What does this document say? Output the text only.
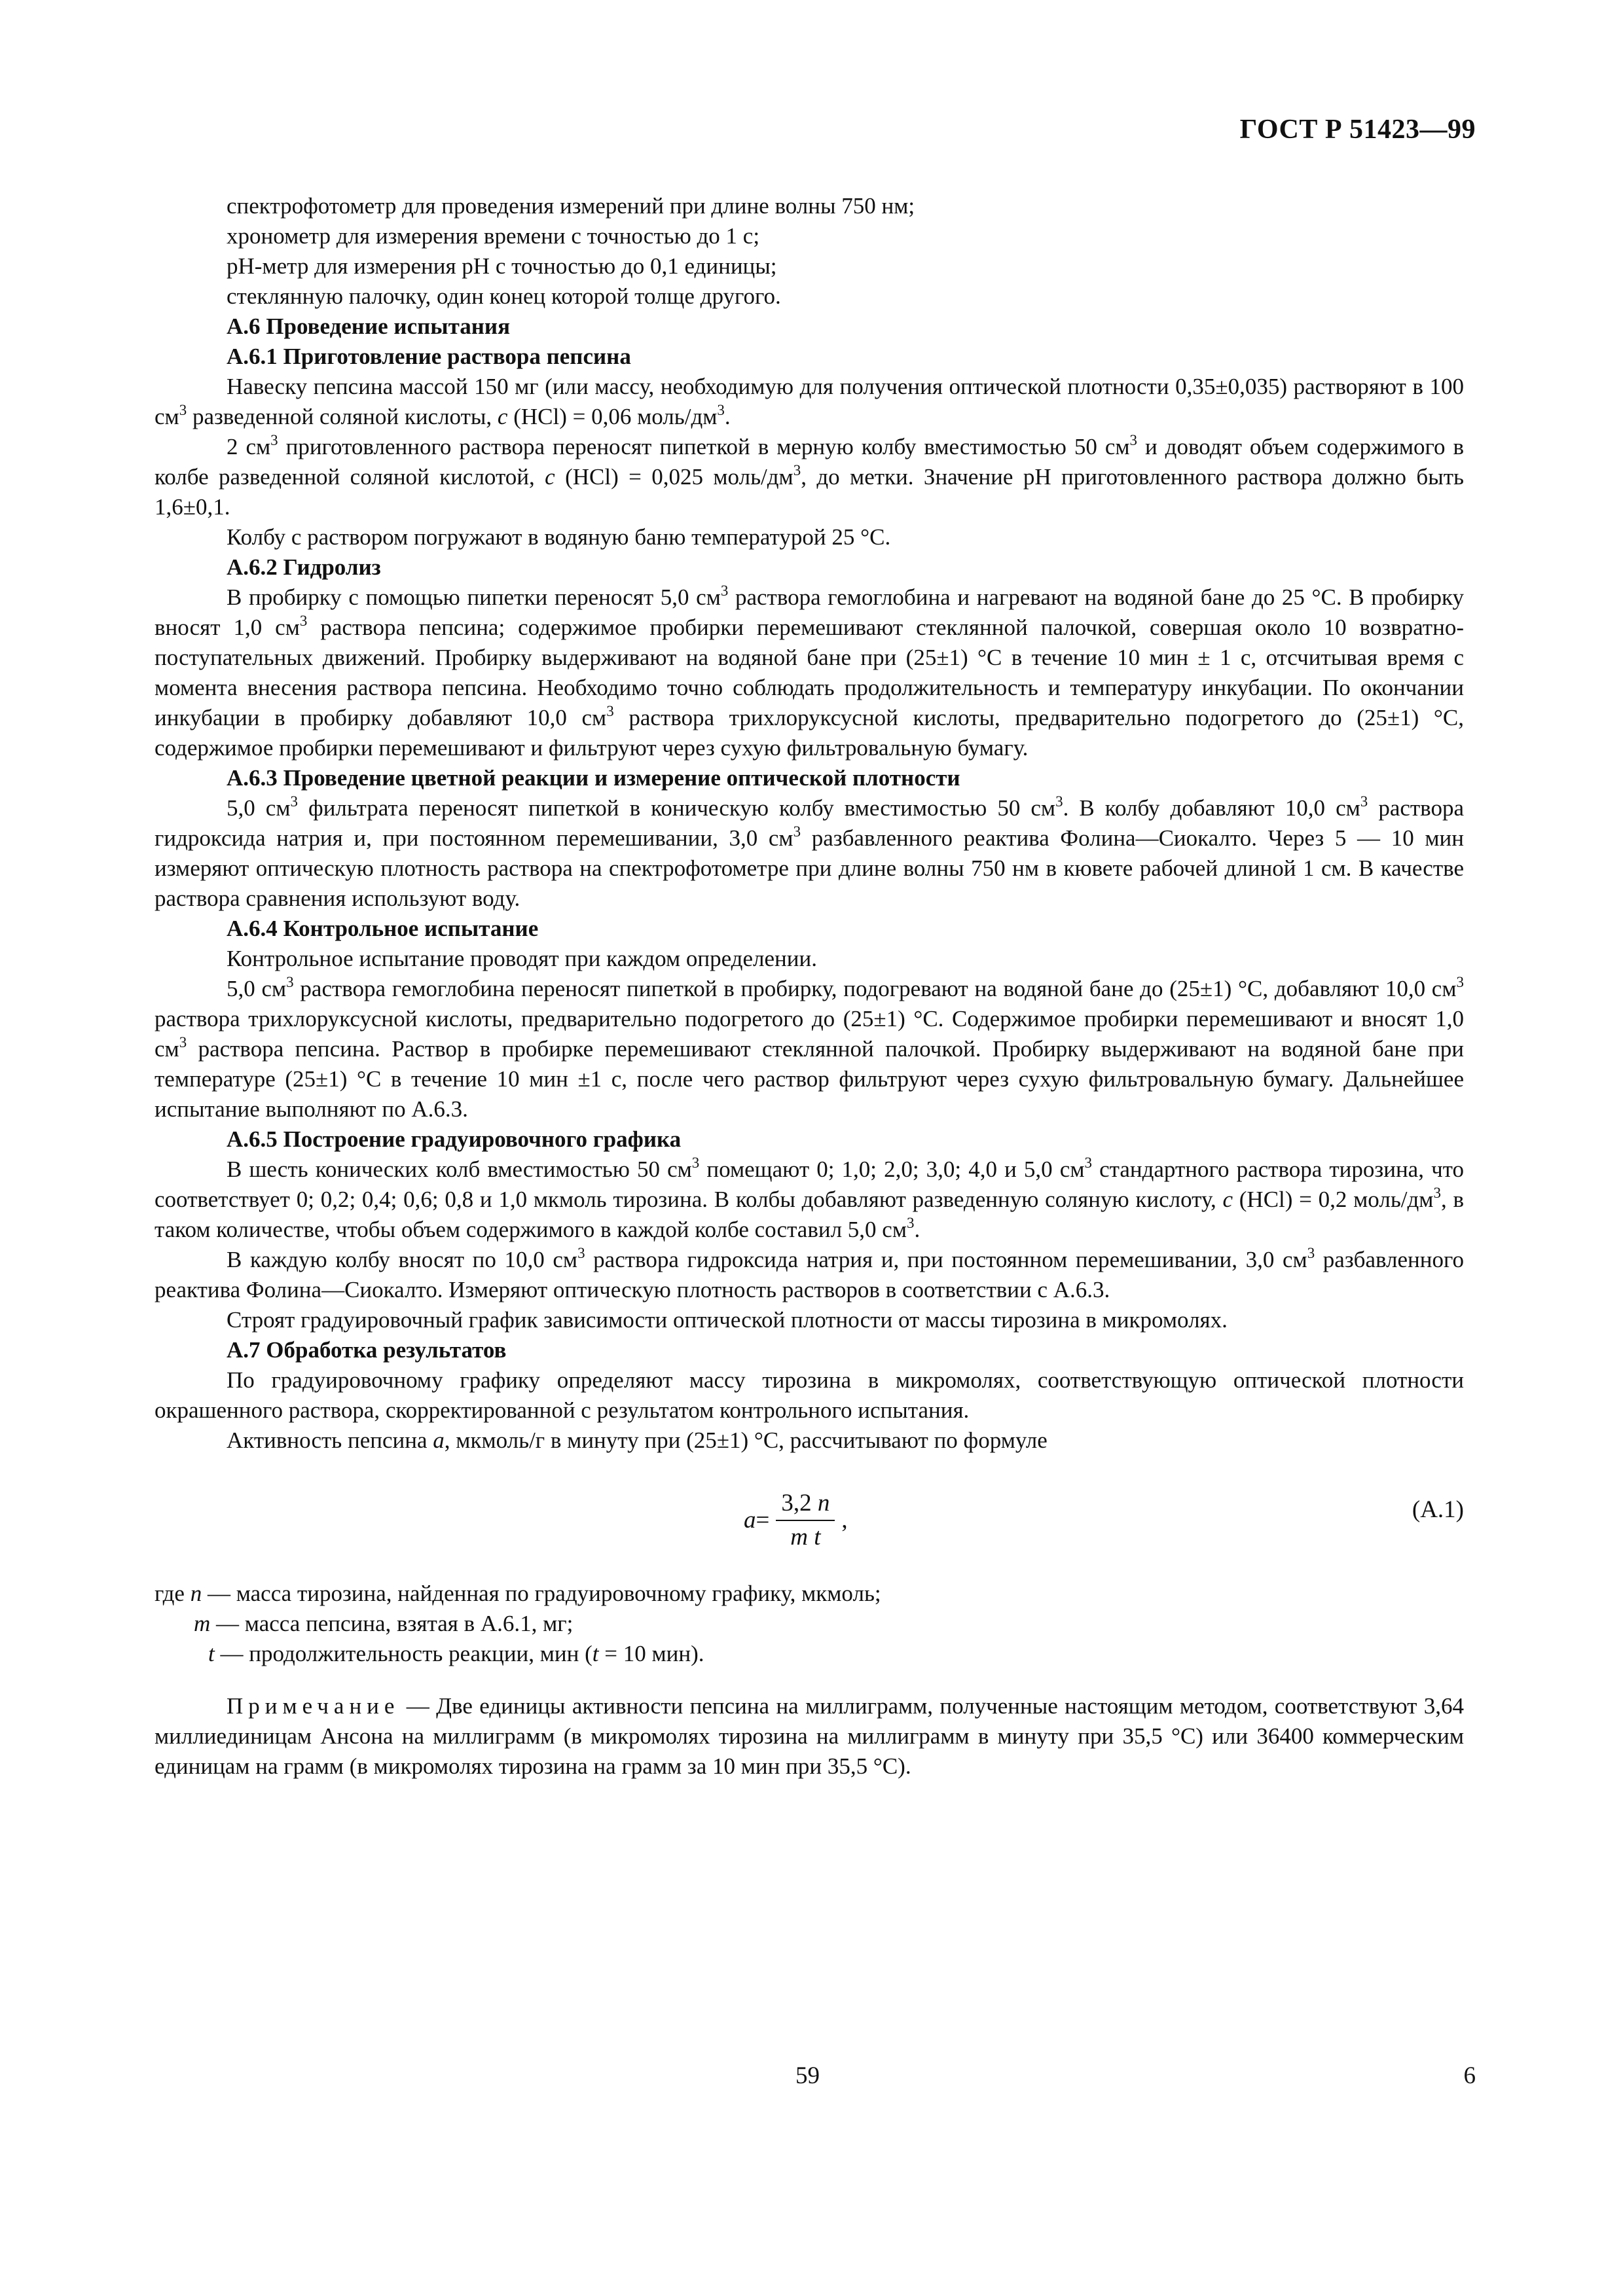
ГОСТ Р 51423—99

спектрофотометр для проведения измерений при длине волны 750 нм;

хронометр для измерения времени с точностью до 1 с;

pH-метр для измерения pH с точностью до 0,1 единицы;

стеклянную палочку, один конец которой толще другого.

А.6 Проведение испытания

А.6.1 Приготовление раствора пепсина

Навеску пепсина массой 150 мг (или массу, необходимую для получения оптической плотности 0,35±0,035) растворяют в 100 $см^3$ разведенной соляной кислоты, c (HCl) = 0,06 моль/$дм^3$.

2 $см^3$ приготовленного раствора переносят пипеткой в мерную колбу вместимостью 50 $см^3$ и доводят объем содержимого в колбе разведенной соляной кислотой, c (HCl) = 0,025 моль/$дм^3$, до метки. Значение pH приготовленного раствора должно быть 1,6±0,1.

Колбу с раствором погружают в водяную баню температурой 25 °С.

А.6.2 Гидролиз

В пробирку с помощью пипетки переносят 5,0 $см^3$ раствора гемоглобина и нагревают на водяной бане до 25 °С. В пробирку вносят 1,0 $см^3$ раствора пепсина; содержимое пробирки перемешивают стеклянной палочкой, совершая около 10 возвратно-поступательных движений. Пробирку выдерживают на водяной бане при (25±1) °С в течение 10 мин ± 1 с, отсчитывая время с момента внесения раствора пепсина. Необходимо точно соблюдать продолжительность и температуру инкубации. По окончании инкубации в пробирку добавляют 10,0 $см^3$ раствора трихлоруксусной кислоты, предварительно подогретого до (25±1) °С, содержимое пробирки перемешивают и фильтруют через сухую фильтровальную бумагу.

А.6.3 Проведение цветной реакции и измерение оптической плотности

5,0 $см^3$ фильтрата переносят пипеткой в коническую колбу вместимостью 50 $см^3$. В колбу добавляют 10,0 $см^3$ раствора гидроксида натрия и, при постоянном перемешивании, 3,0 $см^3$ разбавленного реактива Фолина—Сиокалто. Через 5 — 10 мин измеряют оптическую плотность раствора на спектрофотометре при длине волны 750 нм в кювете рабочей длиной 1 см. В качестве раствора сравнения используют воду.

А.6.4 Контрольное испытание

Контрольное испытание проводят при каждом определении.

5,0 $см^3$ раствора гемоглобина переносят пипеткой в пробирку, подогревают на водяной бане до (25±1) °С, добавляют 10,0 $см^3$ раствора трихлоруксусной кислоты, предварительно подогретого до (25±1) °С. Содержимое пробирки перемешивают и вносят 1,0 $см^3$ раствора пепсина. Раствор в пробирке перемешивают стеклянной палочкой. Пробирку выдерживают на водяной бане при температуре (25±1) °С в течение 10 мин ±1 с, после чего раствор фильтруют через сухую фильтровальную бумагу. Дальнейшее испытание выполняют по А.6.3.

А.6.5 Построение градуировочного графика

В шесть конических колб вместимостью 50 $см^3$ помещают 0; 1,0; 2,0; 3,0; 4,0 и 5,0 $см^3$ стандартного раствора тирозина, что соответствует 0; 0,2; 0,4; 0,6; 0,8 и 1,0 мкмоль тирозина. В колбы добавляют разведенную соляную кислоту, c (HCl) = 0,2 моль/$дм^3$, в таком количестве, чтобы объем содержимого в каждой колбе составил 5,0 $см^3$.

В каждую колбу вносят по 10,0 $см^3$ раствора гидроксида натрия и, при постоянном перемешивании, 3,0 $см^3$ разбавленного реактива Фолина—Сиокалто. Измеряют оптическую плотность растворов в соответствии с А.6.3.

Строят градуировочный график зависимости оптической плотности от массы тирозина в микромолях.

А.7 Обработка результатов

По градуировочному графику определяют массу тирозина в микромолях, соответствующую оптической плотности окрашенного раствора, скорректированной с результатом контрольного испытания.

Активность пепсина a, мкмоль/г в минуту при (25±1) °С, рассчитывают по формуле

$a = \frac{3,2 n}{\text{m t}}$ ,	(А.1)

где n — масса тирозина, найденная по градуировочному графику, мкмоль;

m — масса пепсина, взятая в А.6.1, мг;

t — продолжительность реакции, мин (t = 10 мин).

Примечание — Две единицы активности пепсина на миллиграмм, полученные настоящим методом, соответствуют 3,64 миллиединицам Ансона на миллиграмм (в микромолях тирозина на миллиграмм в минуту при 35,5 °С) или 36400 коммерческим единицам на грамм (в микромолях тирозина на грамм за 10 мин при 35,5 °С).

59	6
